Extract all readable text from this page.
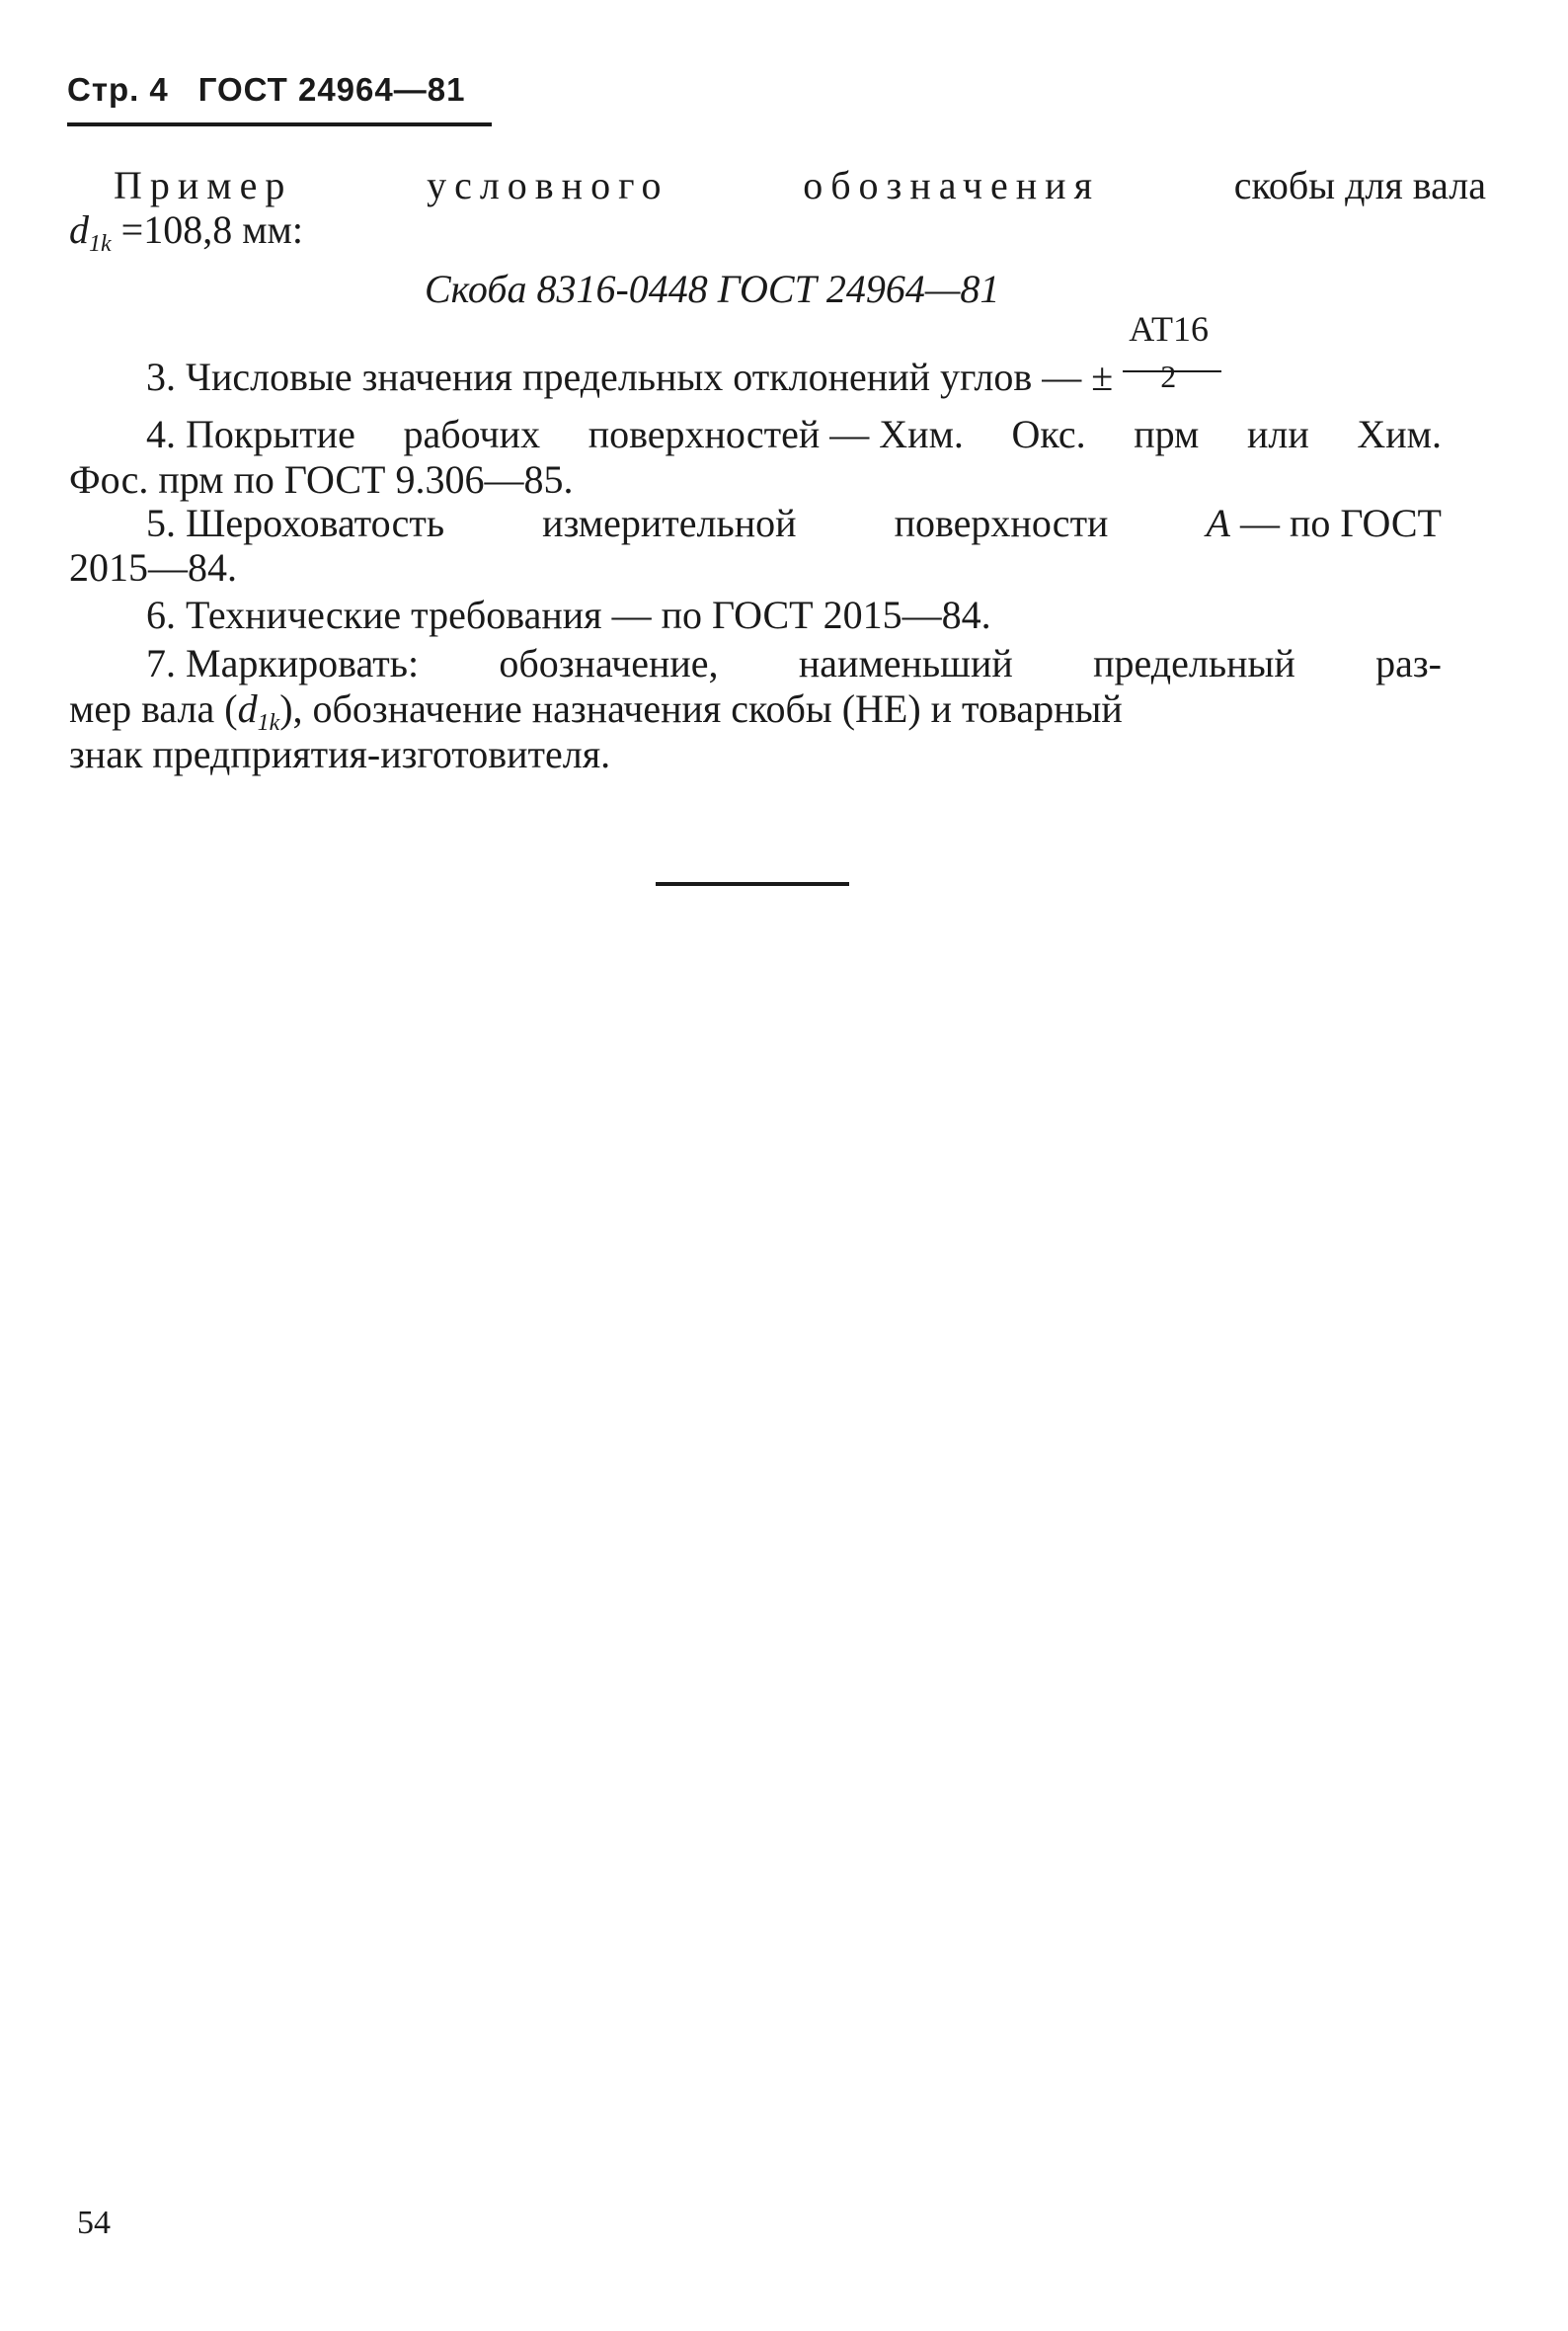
Стр. 4 ГОСТ 24964—81
Пример	условного	обозначения	скобы для вала
$d_{1k} =108,8$ мм:
Скоба 8316-0448 ГОСТ 24964—81
3. Числовые значения предельных отклонений углов — ± $\frac{АТ16}{2}$
4. Покрытие рабочих поверхностей — Хим. Окс. прм или Хим.
Фос. прм по ГОСТ 9.306—85.
5. Шероховатость измерительной поверхности А — по ГОСТ
2015—84.
6. Технические требования — по ГОСТ 2015—84.
7. Маркировать: обозначение, наименьший предельный раз-
мер вала $(d_{1k})$, обозначение назначения скобы (НЕ) и товарный
знак предприятия-изготовителя.
54
